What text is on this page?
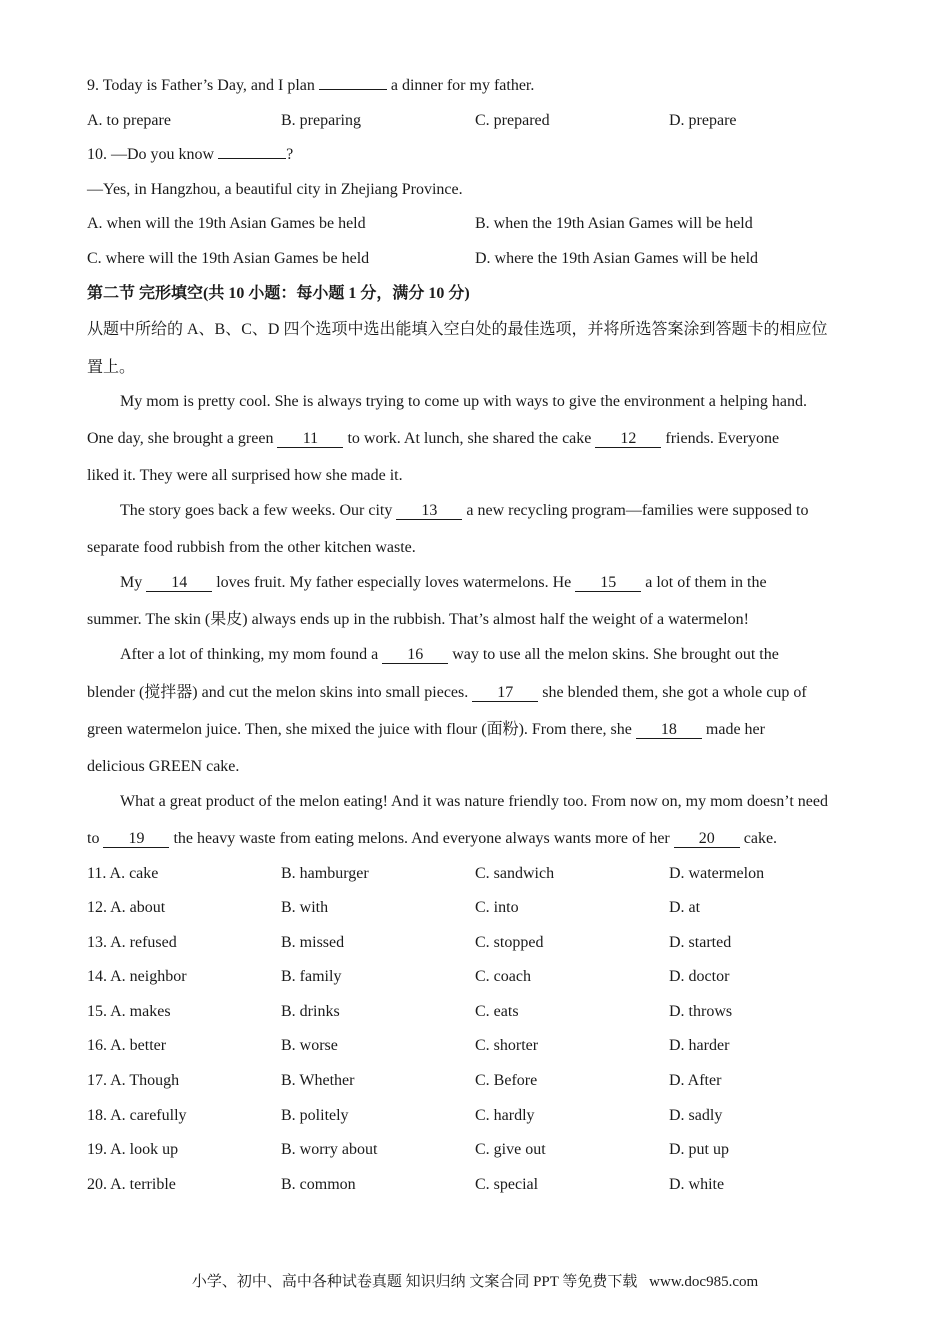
9. Today is Father’s Day, and I plan	a dinner for my father.
A. to prepare	B. preparing	C. prepared	D. prepare
10. —Do you know	?
—Yes, in Hangzhou, a beautiful city in Zhejiang Province.
A. when will the 19th Asian Games be held	B. when the 19th Asian Games will be held
C. where will the 19th Asian Games be held	D. where the 19th Asian Games will be held
第二节 完形填空(共 10 小题：每小题 1 分，满分 10 分)
从题中所给的 A、B、C、D 四个选项中选出能填入空白处的最佳选项，并将所选答案涂到答题卡的相应位
置上。
My mom is pretty cool. She is always trying to come up with ways to give the environment a helping hand.
One day, she brought a green 11 to work. At lunch, she shared the cake 12 friends. Everyone
liked it. They were all surprised how she made it.
The story goes back a few weeks. Our city 13 a new recycling program—families were supposed to
separate food rubbish from the other kitchen waste.
My 14 loves fruit. My father especially loves watermelons. He 15 a lot of them in the
summer. The skin (果皮) always ends up in the rubbish. That’s almost half the weight of a watermelon!
After a lot of thinking, my mom found a 16 way to use all the melon skins. She brought out the
blender (搅拌器) and cut the melon skins into small pieces. 17 she blended them, she got a whole cup of
green watermelon juice. Then, she mixed the juice with flour (面粉). From there, she 18 made her
delicious GREEN cake.
What a great product of the melon eating! And it was nature friendly too. From now on, my mom doesn’t need
to 19 the heavy waste from eating melons. And everyone always wants more of her 20 cake.
11. A. cake	B. hamburger	C. sandwich	D. watermelon
12. A. about	B. with	C. into	D. at
13. A. refused	B. missed	C. stopped	D. started
14. A. neighbor	B. family	C. coach	D. doctor
15. A. makes	B. drinks	C. eats	D. throws
16. A. better	B. worse	C. shorter	D. harder
17. A. Though	B. Whether	C. Before	D. After
18. A. carefully	B. politely	C. hardly	D. sadly
19. A. look up	B. worry about	C. give out	D. put up
20. A. terrible	B. common	C. special	D. white
小学、初中、高中各种试卷真题 知识归纳 文案合同 PPT 等免费下载 www.doc985.com
